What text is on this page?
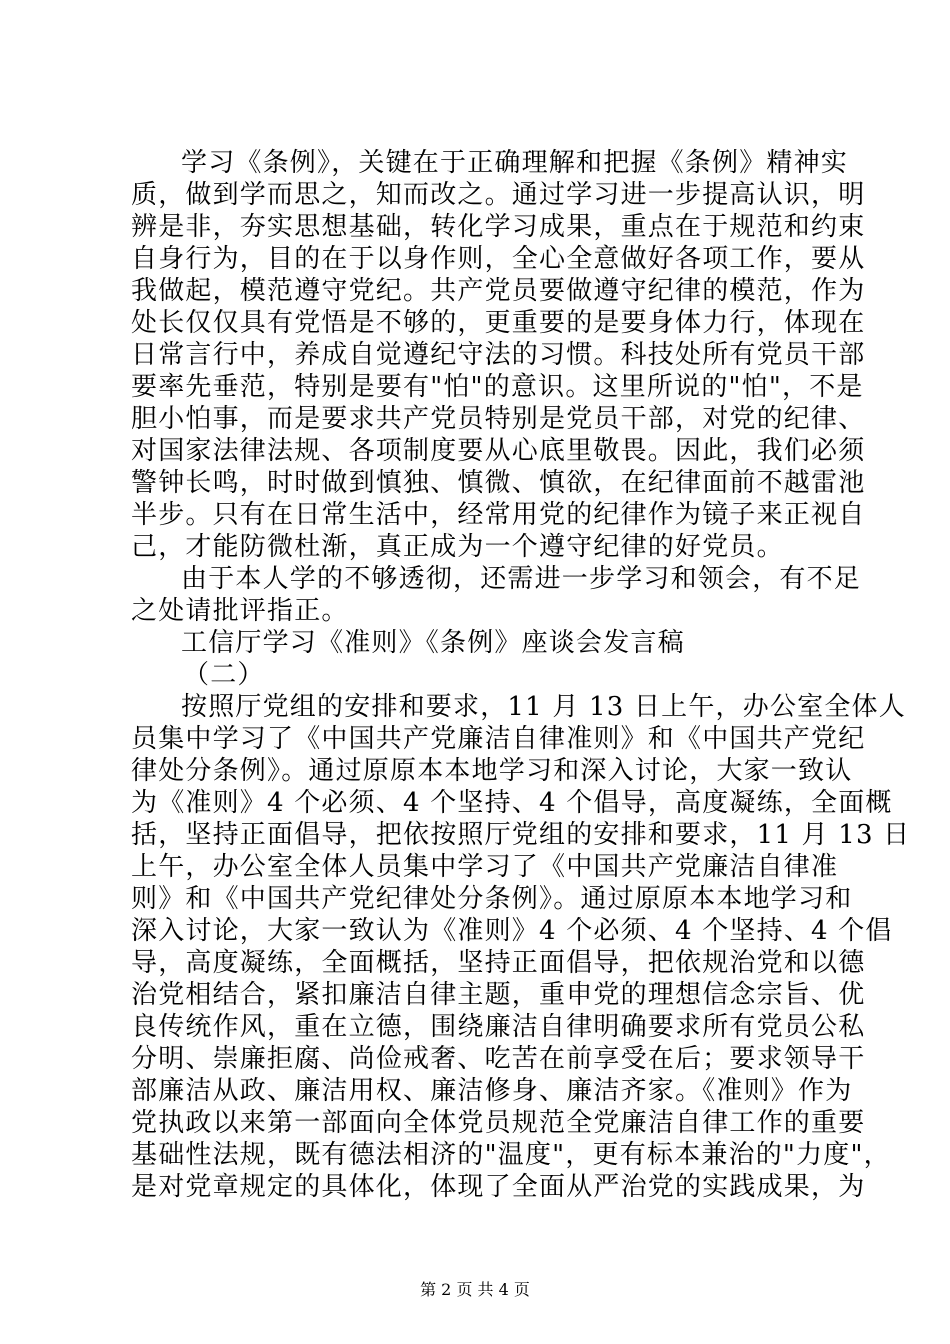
学习《条例》，关键在于正确理解和把握《条例》精神实
质，做到学而思之，知而改之。通过学习进一步提高认识，明
辨是非，夯实思想基础，转化学习成果，重点在于规范和约束
自身行为，目的在于以身作则，全心全意做好各项工作，要从
我做起，模范遵守党纪。共产党员要做遵守纪律的模范，作为
处长仅仅具有党悟是不够的，更重要的是要身体力行，体现在
日常言行中，养成自觉遵纪守法的习惯。科技处所有党员干部
要率先垂范，特别是要有"怕"的意识。这里所说的"怕"，不是
胆小怕事，而是要求共产党员特别是党员干部，对党的纪律、
对国家法律法规、各项制度要从心底里敬畏。因此，我们必须
警钟长鸣，时时做到慎独、慎微、慎欲，在纪律面前不越雷池
半步。只有在日常生活中，经常用党的纪律作为镜子来正视自
己，才能防微杜渐，真正成为一个遵守纪律的好党员。
由于本人学的不够透彻，还需进一步学习和领会，有不足
之处请批评指正。
工信厅学习《准则》《条例》座谈会发言稿
（二）
按照厅党组的安排和要求，11 月 13 日上午，办公室全体人
员集中学习了《中国共产党廉洁自律准则》和《中国共产党纪
律处分条例》。通过原原本本地学习和深入讨论，大家一致认
为《准则》4 个必须、4 个坚持、4 个倡导，高度凝练，全面概
括，坚持正面倡导，把依按照厅党组的安排和要求，11 月 13 日
上午，办公室全体人员集中学习了《中国共产党廉洁自律准
则》和《中国共产党纪律处分条例》。通过原原本本地学习和
深入讨论，大家一致认为《准则》4 个必须、4 个坚持、4 个倡
导，高度凝练，全面概括，坚持正面倡导，把依规治党和以德
治党相结合，紧扣廉洁自律主题，重申党的理想信念宗旨、优
良传统作风，重在立德，围绕廉洁自律明确要求所有党员公私
分明、崇廉拒腐、尚俭戒奢、吃苦在前享受在后；要求领导干
部廉洁从政、廉洁用权、廉洁修身、廉洁齐家。《准则》作为
党执政以来第一部面向全体党员规范全党廉洁自律工作的重要
基础性法规，既有德法相济的"温度"，更有标本兼治的"力度"，
是对党章规定的具体化，体现了全面从严治党的实践成果，为
第 2 页 共 4 页
